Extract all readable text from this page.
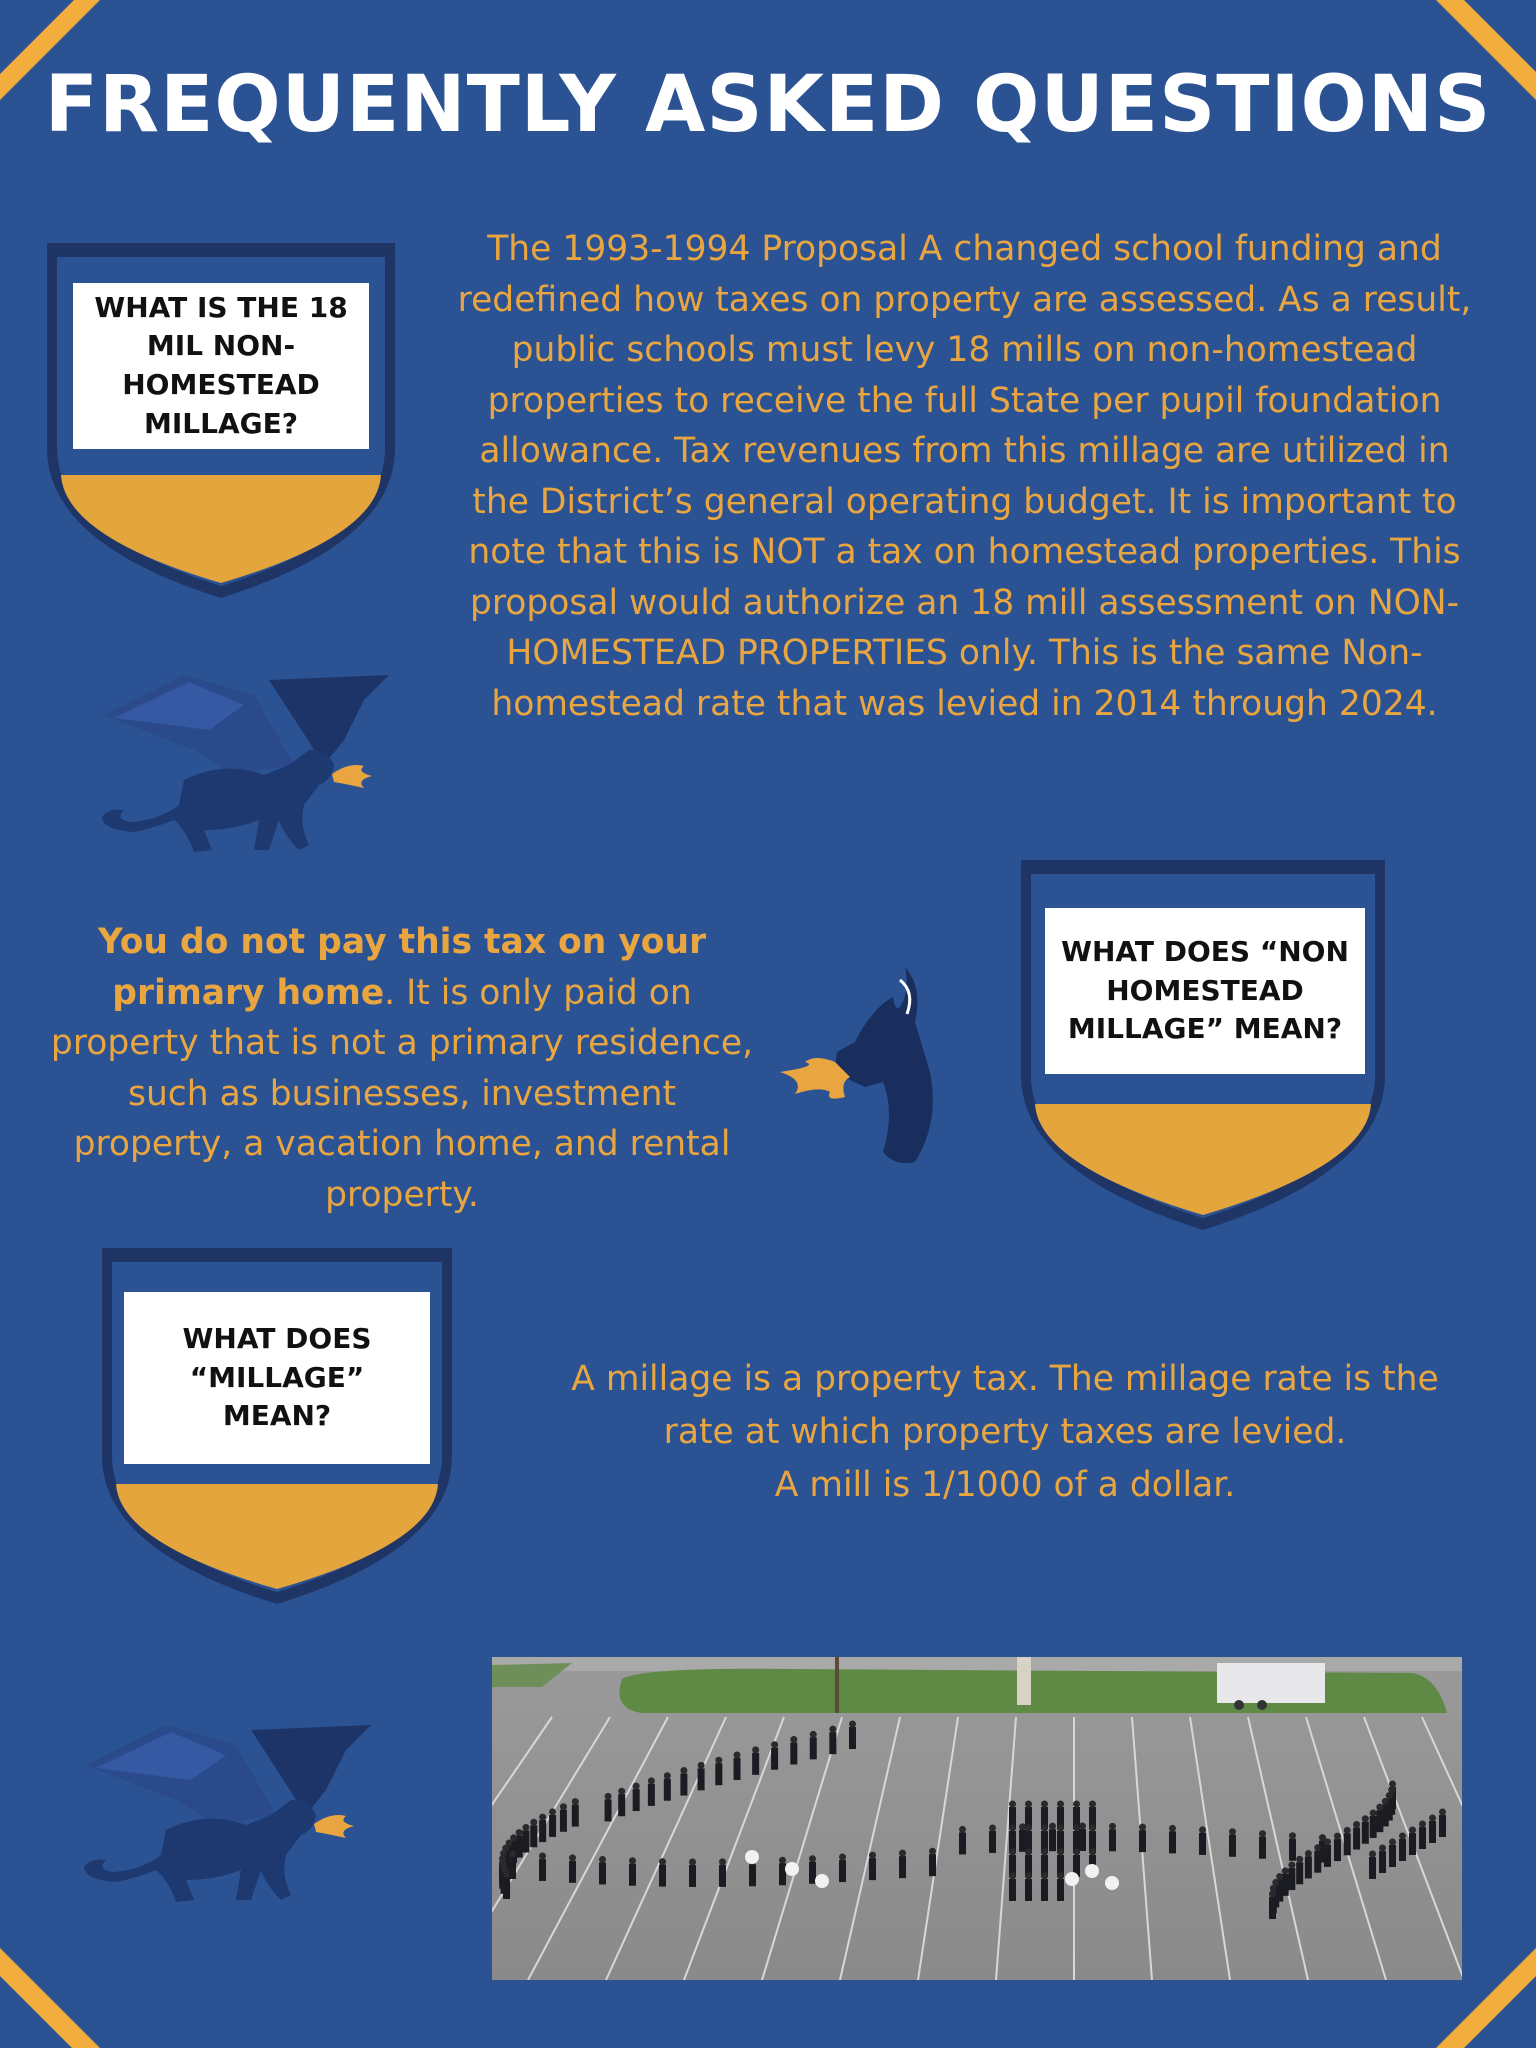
FREQUENTLY ASKED QUESTIONS
WHAT IS THE 18 MIL NON-HOMESTEAD MILLAGE?

The 1993-1994 Proposal A changed school funding and redefined how taxes on property are assessed. As a result, public schools must levy 18 mills on non-homestead properties to receive the full State per pupil foundation allowance. Tax revenues from this millage are utilized in the District’s general operating budget. It is important to note that this is NOT a tax on homestead properties. This proposal would authorize an 18 mill assessment on NON-HOMESTEAD PROPERTIES only. This is the same Non-homestead rate that was levied in 2014 through 2024.

You do not pay this tax on your primary home. It is only paid on property that is not a primary residence, such as businesses, investment property, a vacation home, and rental property.

WHAT DOES “NON HOMESTEAD MILLAGE” MEAN?
WHAT DOES “MILLAGE” MEAN?
A millage is a property tax. The millage rate is the rate at which property taxes are levied.
A mill is 1/1000 of a dollar.
